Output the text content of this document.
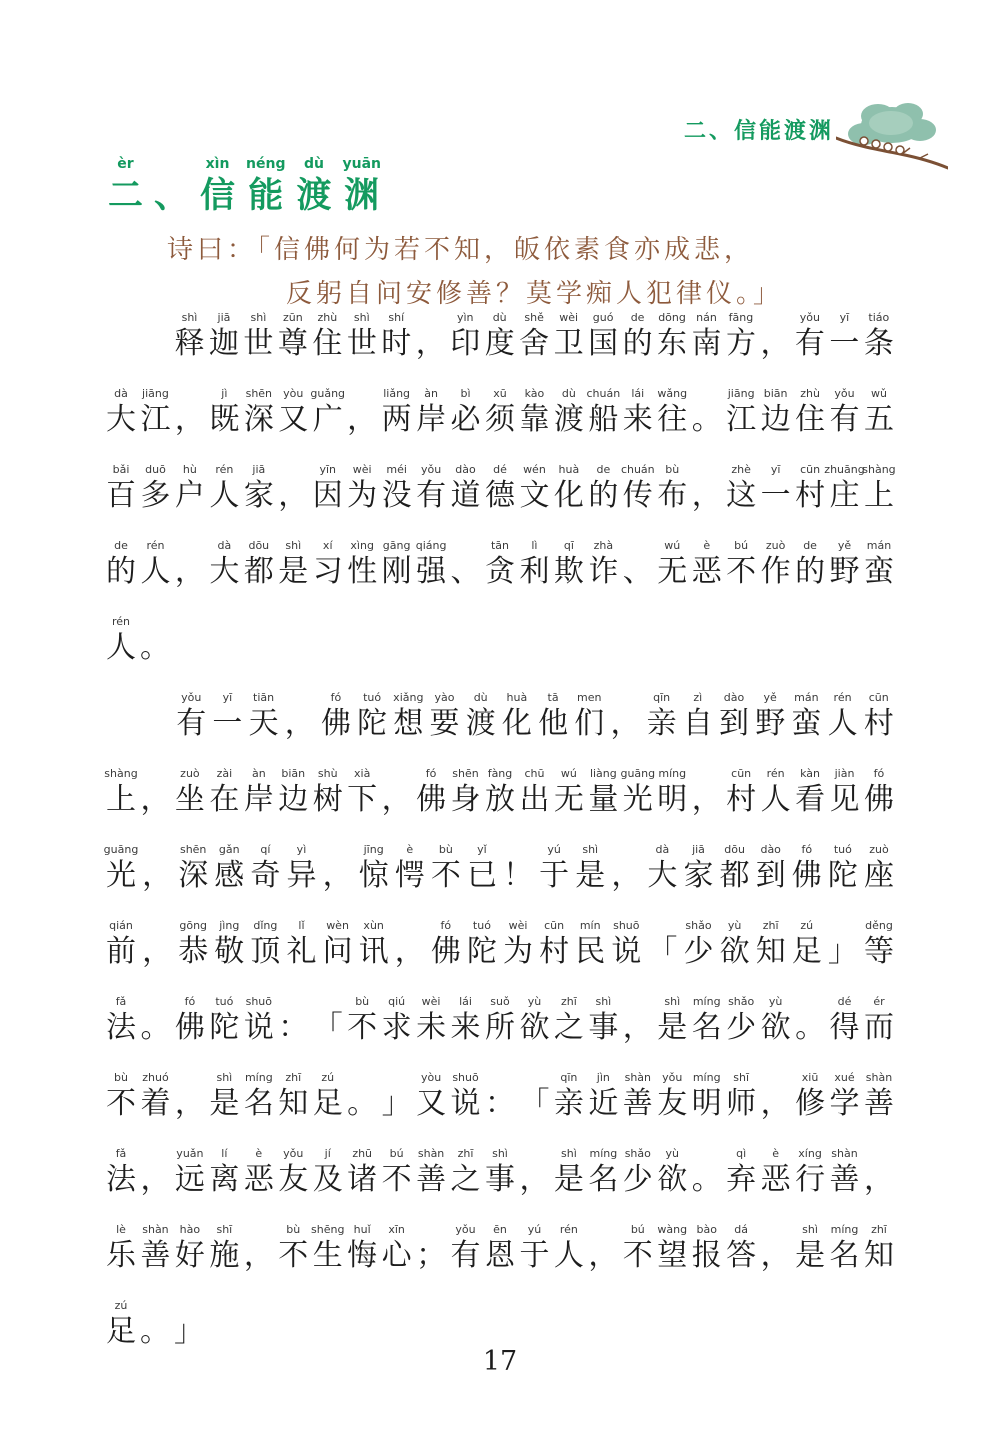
二、信能渡渊
èr
二 、
xìn
信
néng
能
dù
渡
yuān
渊
诗曰：「信佛何为若不知，皈依素食亦成悲，
反躬自问安修善？莫学痴人犯律仪。」
shì
释
jiā
迦
shì
世
zūn
尊
zhù
住
shì
世
shí
时 ，
yìn
印
dù
度
shě
舍
wèi
卫
guó
国
de
的
dōng
东
nán
南
fāng
方 ，
yǒu
有
yī
一
tiáo
条
dà
大
jiāng
江 ，
jì
既
shēn
深
yòu
又
guǎng
广 ，
liǎng
两
àn
岸
bì
必
xū
须
kào
靠
dù
渡
chuán
船
lái
来
wǎng
往 。
jiāng
江
biān
边
zhù
住
yǒu
有
wǔ
五
bǎi
百
duō
多
hù
户
rén
人
jiā
家 ，
yīn
因
wèi
为
méi
没
yǒu
有
dào
道
dé
德
wén
文
huà
化
de
的
chuán
传
bù
布 ，
zhè
这
yī
一
cūn
村
zhuāng
庄
shàng
上
de
的
rén
人 ，
dà
大
dōu
都
shì
是
xí
习
xìng
性
gāng
刚
qiáng
强 、
tān
贪
lì
利
qī
欺
zhà
诈 、
wú
无
è
恶
bú
不
zuò
作
de
的
yě
野
mán
蛮
rén
人 。
yǒu
有
yī
一
tiān
天 ，
fó
佛
tuó
陀
xiǎng
想
yào
要
dù
渡
huà
化
tā
他
men
们 ，
qīn
亲
zì
自
dào
到
yě
野
mán
蛮
rén
人
cūn
村
shàng
上 ，
zuò
坐
zài
在
àn
岸
biān
边
shù
树
xià
下 ，
fó
佛
shēn
身
fàng
放
chū
出
wú
无
liàng
量
guāng
光
míng
明 ，
cūn
村
rén
人
kàn
看
jiàn
见
fó
佛
guāng
光 ，
shēn
深
gǎn
感
qí
奇
yì
异 ，
jīng
惊
è
愕
bù
不
yǐ
已 ！
yú
于
shì
是 ，
dà
大
jiā
家
dōu
都
dào
到
fó
佛
tuó
陀
zuò
座
qián
前 ，
gōng
恭
jìng
敬
dǐng
顶
lǐ
礼
wèn
问
xùn
讯 ，
fó
佛
tuó
陀
wèi
为
cūn
村
mín
民
shuō
说 「
shǎo
少
yù
欲
zhī
知
zú
足 」
děng
等
fǎ
法 。
fó
佛
tuó
陀
shuō
说 ： 「
bù
不
qiú
求
wèi
未
lái
来
suǒ
所
yù
欲
zhī
之
shì
事 ，
shì
是
míng
名
shǎo
少
yù
欲 。
dé
得
ér
而
bù
不
zhuó
着 ，
shì
是
míng
名
zhī
知
zú
足 。 」
yòu
又
shuō
说 ： 「
qīn
亲
jìn
近
shàn
善
yǒu
友
míng
明
shī
师 ，
xiū
修
xué
学
shàn
善
fǎ
法 ，
yuǎn
远
lí
离
è
恶
yǒu
友
jí
及
zhū
诸
bú
不
shàn
善
zhī
之
shì
事 ，
shì
是
míng
名
shǎo
少
yù
欲 。
qì
弃
è
恶
xíng
行
shàn
善 ，
lè
乐
shàn
善
hào
好
shī
施 ，
bù
不
shēng
生
huǐ
悔
xīn
心 ；
yǒu
有
ēn
恩
yú
于
rén
人 ，
bú
不
wàng
望
bào
报
dá
答 ，
shì
是
míng
名
zhī
知
zú
足 。 」
17
